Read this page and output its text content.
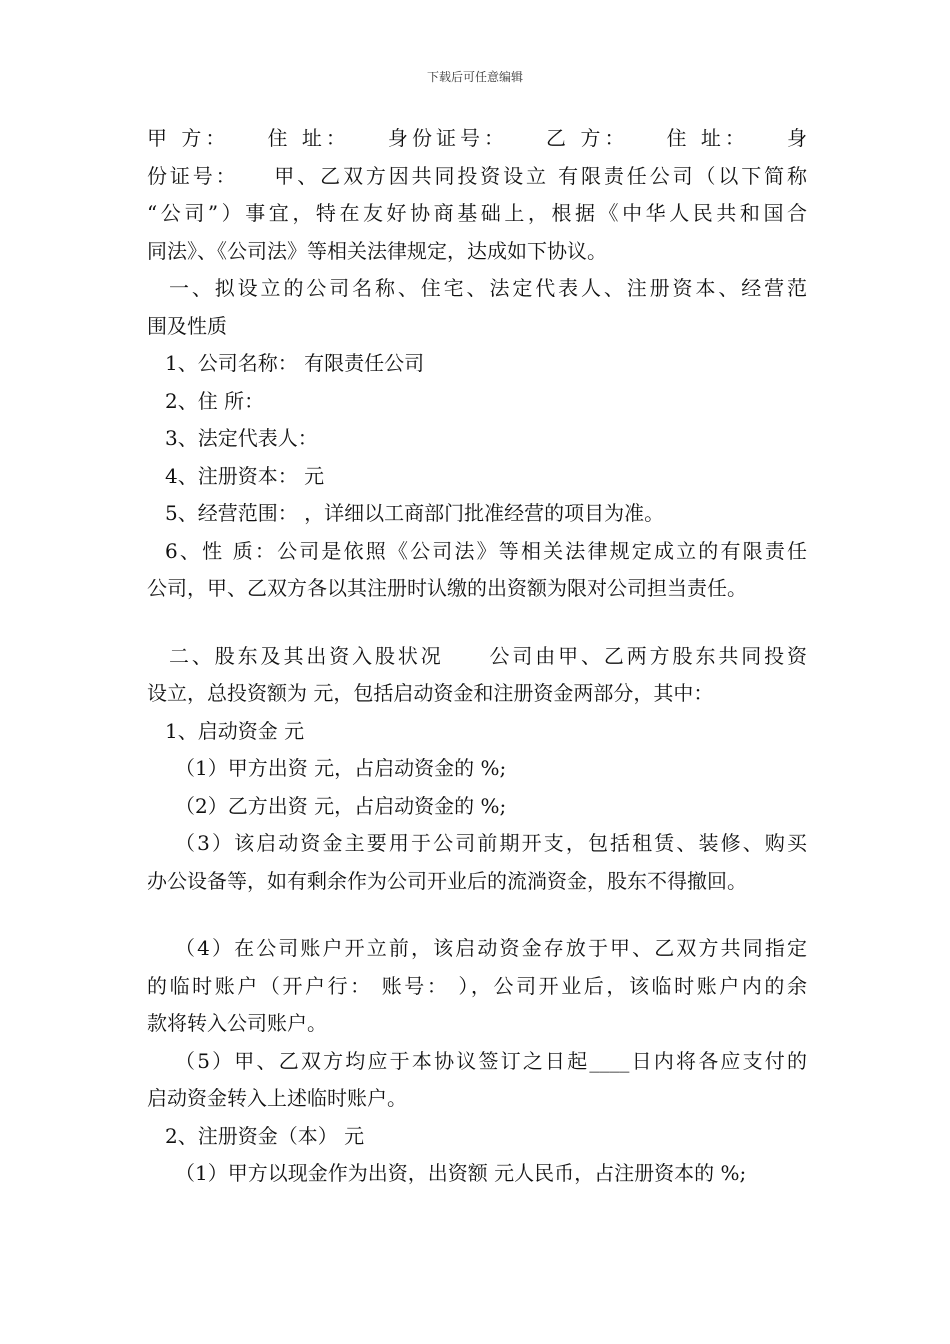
下载后可任意编辑
甲 方：　　住 址：　　身份证号：　　乙 方：　　住 址：　　身
份证号：　　甲、乙双方因共同投资设立 有限责任公司（以下简称
“公司”）事宜，特在友好协商基础上，根据《中华人民共和国合
同法》、《公司法》等相关法律规定，达成如下协议。
一、拟设立的公司名称、住宅、法定代表人、注册资本、经营范
围及性质
1、公司名称： 有限责任公司
2、住 所：
3、法定代表人：
4、注册资本： 元
5、经营范围： ，详细以工商部门批准经营的项目为准。
6、性 质：公司是依照《公司法》等相关法律规定成立的有限责任
公司，甲、乙双方各以其注册时认缴的出资额为限对公司担当责任。
二、股东及其出资入股状况　　公司由甲、乙两方股东共同投资
设立，总投资额为 元，包括启动资金和注册资金两部分，其中：
1、启动资金 元
（1）甲方出资 元，占启动资金的 %;
（2）乙方出资 元，占启动资金的 %;
（3）该启动资金主要用于公司前期开支，包括租赁、装修、购买
办公设备等，如有剩余作为公司开业后的流淌资金，股东不得撤回。
（4）在公司账户开立前，该启动资金存放于甲、乙双方共同指定
的临时账户（开户行： 账号： ），公司开业后，该临时账户内的余
款将转入公司账户。
（5）甲、乙双方均应于本协议签订之日起____日内将各应支付的
启动资金转入上述临时账户。
2、注册资金（本） 元
（1）甲方以现金作为出资，出资额 元人民币，占注册资本的 %;
